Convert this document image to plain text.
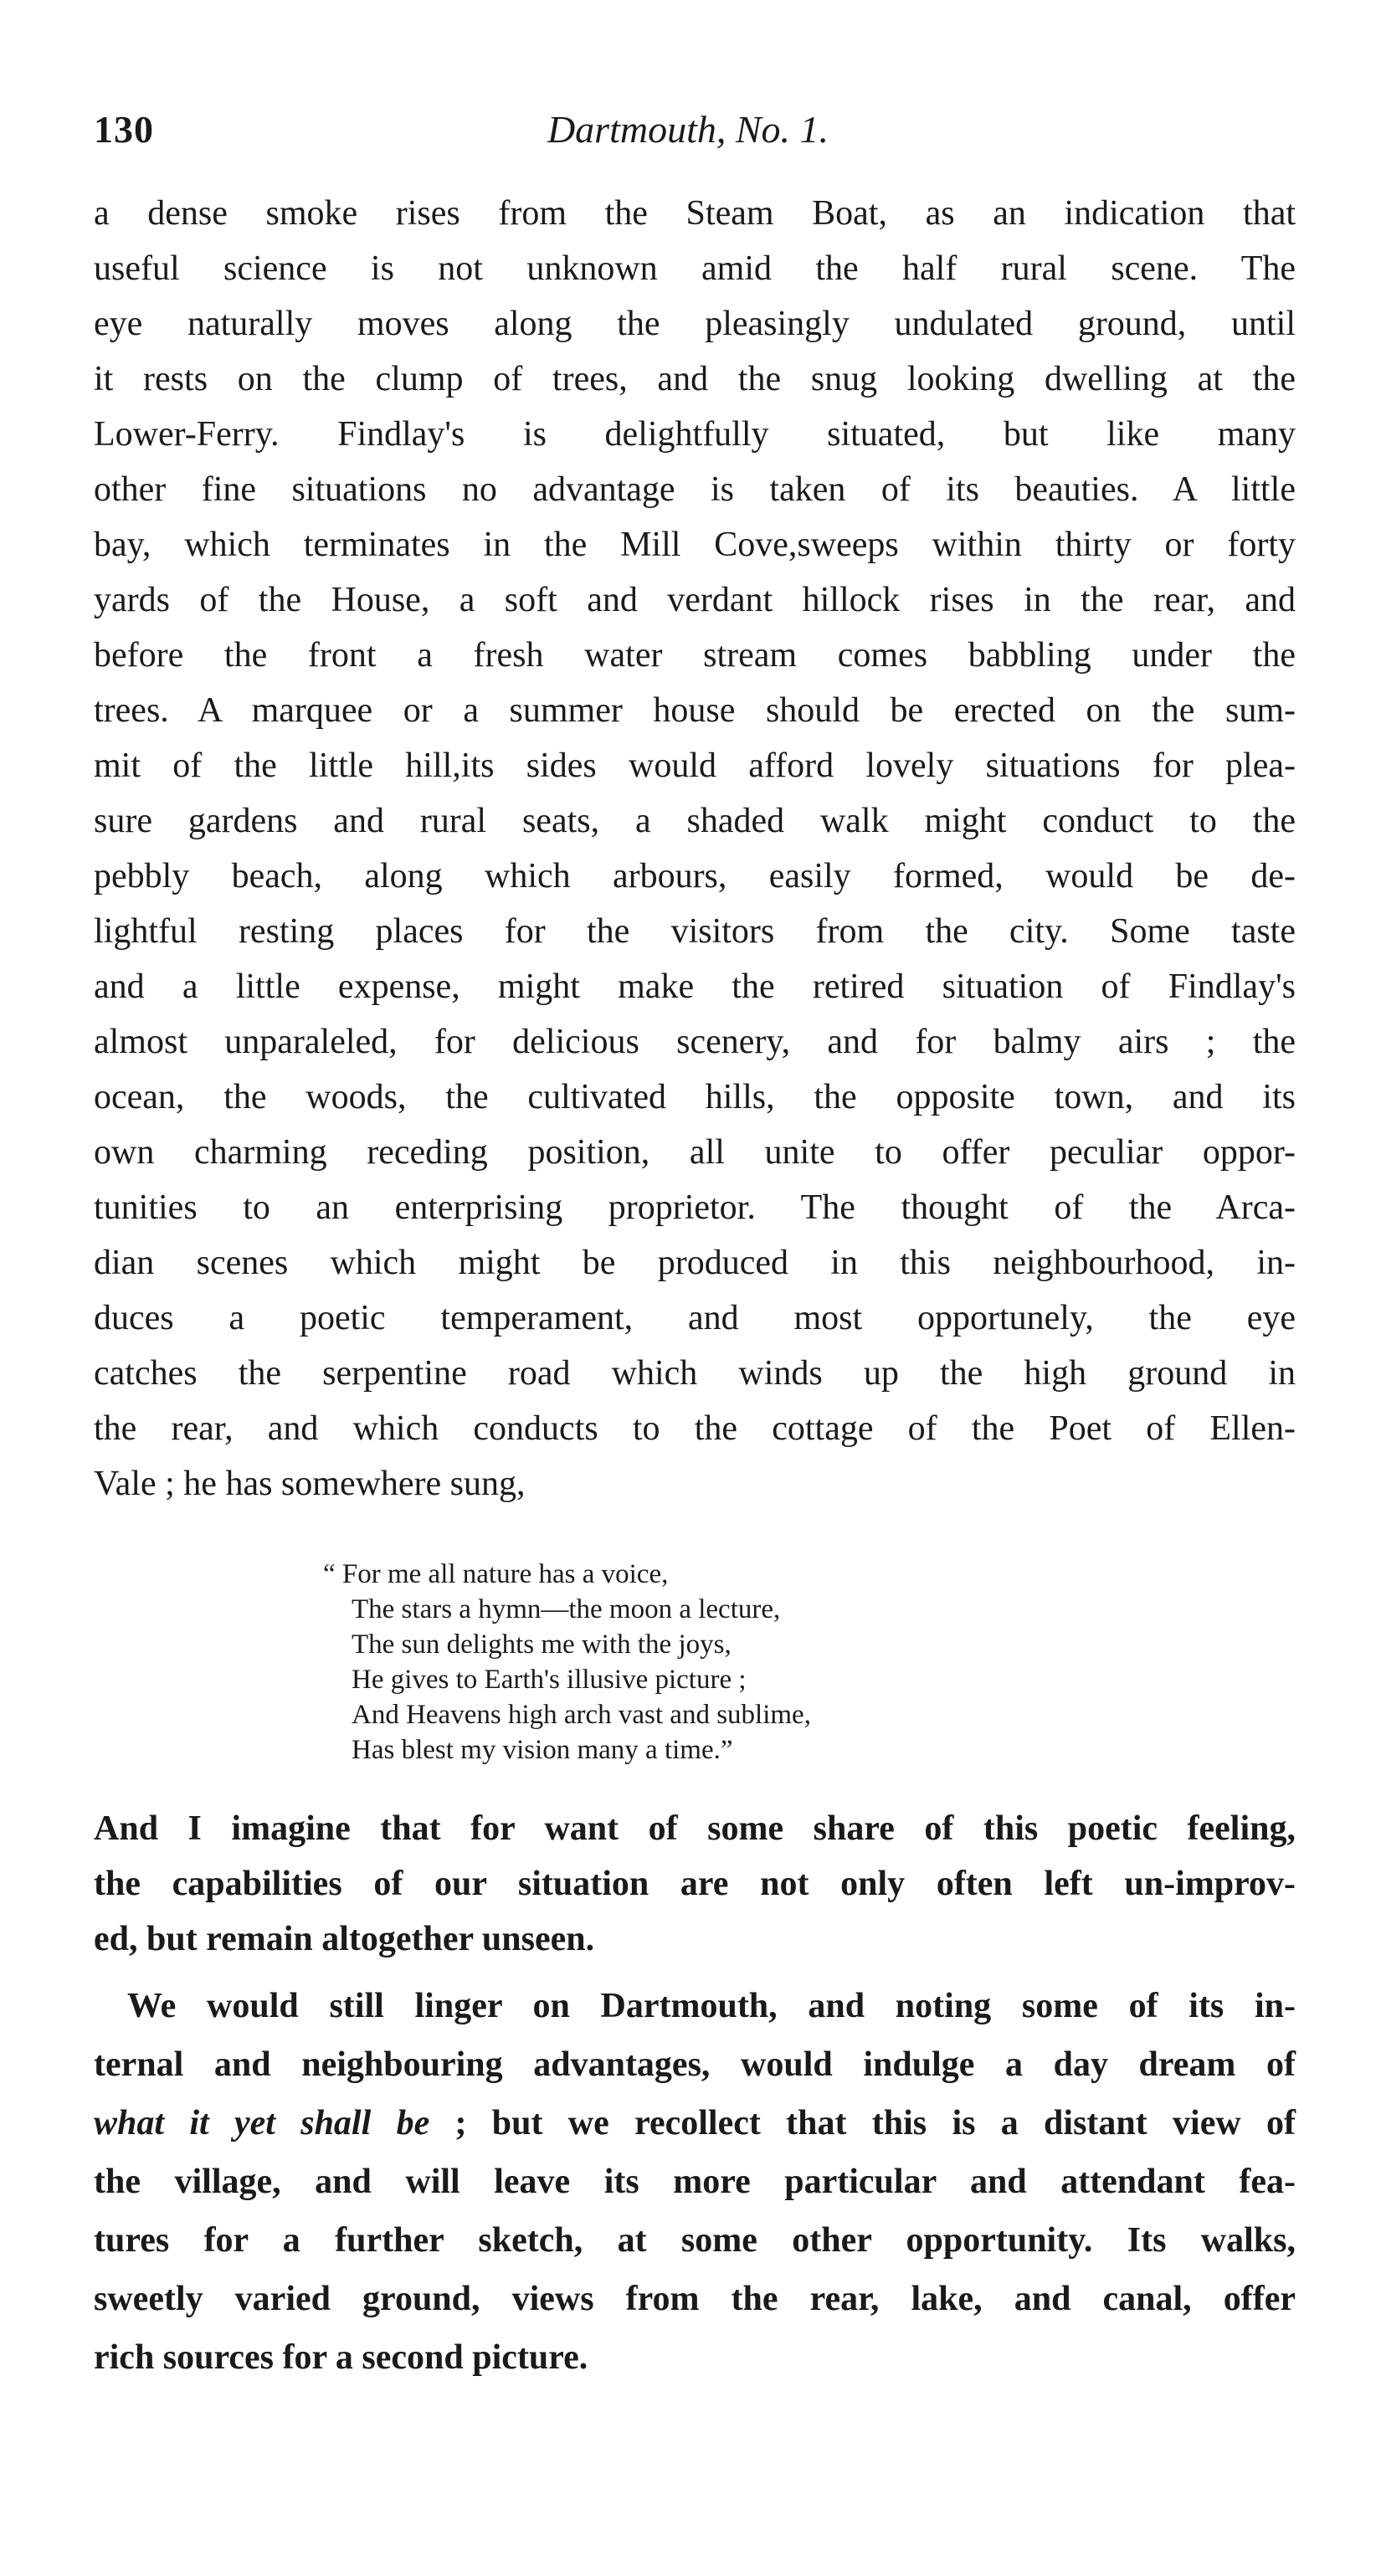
130	Dartmouth, No. 1.
a dense smoke rises from the Steam Boat, as an indication that
useful science is not unknown amid the half rural scene. The
eye naturally moves along the pleasingly undulated ground, until
it rests on the clump of trees, and the snug looking dwelling at the
Lower-Ferry. Findlay's is delightfully situated, but like many
other fine situations no advantage is taken of its beauties. A little
bay, which terminates in the Mill Cove,sweeps within thirty or forty
yards of the House, a soft and verdant hillock rises in the rear, and
before the front a fresh water stream comes babbling under the
trees. A marquee or a summer house should be erected on the sum-
mit of the little hill,its sides would afford lovely situations for plea-
sure gardens and rural seats, a shaded walk might conduct to the
pebbly beach, along which arbours, easily formed, would be de-
lightful resting places for the visitors from the city. Some taste
and a little expense, might make the retired situation of Findlay's
almost unparaleled, for delicious scenery, and for balmy airs ; the
ocean, the woods, the cultivated hills, the opposite town, and its
own charming receding position, all unite to offer peculiar oppor-
tunities to an enterprising proprietor. The thought of the Arca-
dian scenes which might be produced in this neighbourhood, in-
duces a poetic temperament, and most opportunely, the eye
catches the serpentine road which winds up the high ground in
the rear, and which conducts to the cottage of the Poet of Ellen-
Vale ; he has somewhere sung,
“ For me all nature has a voice,
The stars a hymn—the moon a lecture,
The sun delights me with the joys,
He gives to Earth's illusive picture ;
And Heavens high arch vast and sublime,
Has blest my vision many a time.”
And I imagine that for want of some share of this poetic feeling,
the capabilities of our situation are not only often left un-improv-
ed, but remain altogether unseen.
We would still linger on Dartmouth, and noting some of its in-
ternal and neighbouring advantages, would indulge a day dream of
what it yet shall be ; but we recollect that this is a distant view of
the village, and will leave its more particular and attendant fea-
tures for a further sketch, at some other opportunity. Its walks,
sweetly varied ground, views from the rear, lake, and canal, offer
rich sources for a second picture.
